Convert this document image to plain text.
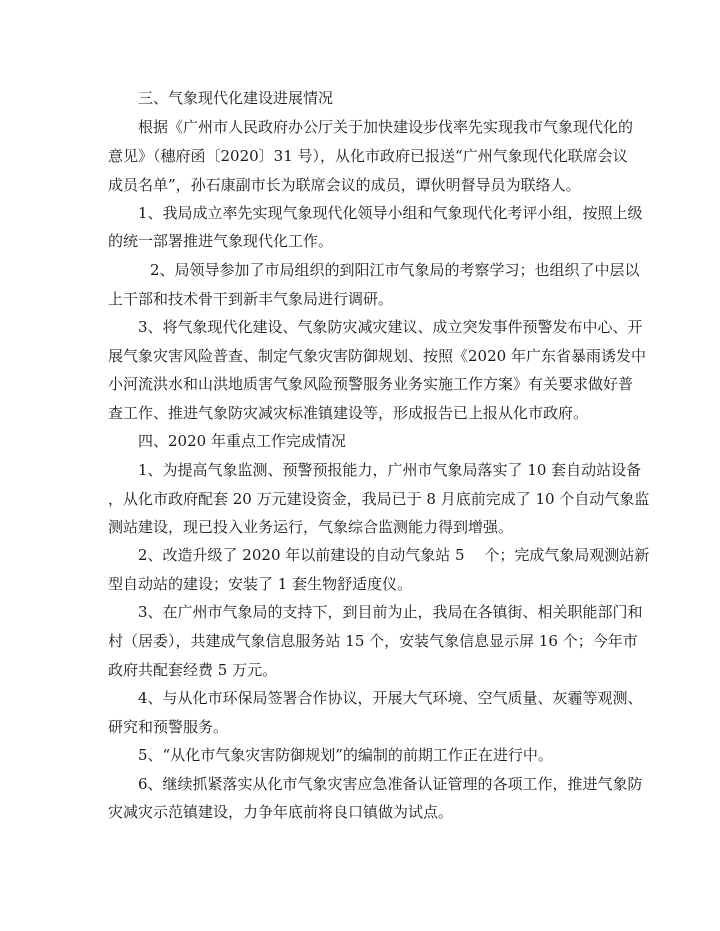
三、气象现代化建设进展情况

根据《广州市人民政府办公厅关于加快建设步伐率先实现我市气象现代化的

意见》（穗府函〔2020〕31 号），从化市政府已报送“广州气象现代化联席会议

成员名单”，孙石康副市长为联席会议的成员，谭伙明督导员为联络人。

1、我局成立率先实现气象现代化领导小组和气象现代化考评小组，按照上级

的统一部署推进气象现代化工作。

2、局领导参加了市局组织的到阳江市气象局的考察学习；也组织了中层以

上干部和技术骨干到新丰气象局进行调研。

3、将气象现代化建设、气象防灾减灾建议、成立突发事件预警发布中心、开

展气象灾害风险普查、制定气象灾害防御规划、按照《2020 年广东省暴雨诱发中

小河流洪水和山洪地质害气象风险预警服务业务实施工作方案》有关要求做好普

查工作、推进气象防灾减灾标准镇建设等，形成报告已上报从化市政府。

四、2020 年重点工作完成情况

1、为提高气象监测、预警预报能力，广州市气象局落实了 10 套自动站设备

，从化市政府配套 20 万元建设资金，我局已于 8 月底前完成了 10 个自动气象监

测站建设，现已投入业务运行，气象综合监测能力得到增强。

2、改造升级了 2020 年以前建设的自动气象站 5　 个；完成气象局观测站新

型自动站的建设；安装了 1 套生物舒适度仪。

3、在广州市气象局的支持下，到目前为止，我局在各镇街、相关职能部门和

村（居委），共建成气象信息服务站 15 个，安装气象信息显示屏 16 个；今年市

政府共配套经费 5 万元。

4、与从化市环保局签署合作协议，开展大气环境、空气质量、灰霾等观测、

研究和预警服务。

5、“从化市气象灾害防御规划”的编制的前期工作正在进行中。

6、继续抓紧落实从化市气象灾害应急准备认证管理的各项工作，推进气象防

灾减灾示范镇建设，力争年底前将良口镇做为试点。
